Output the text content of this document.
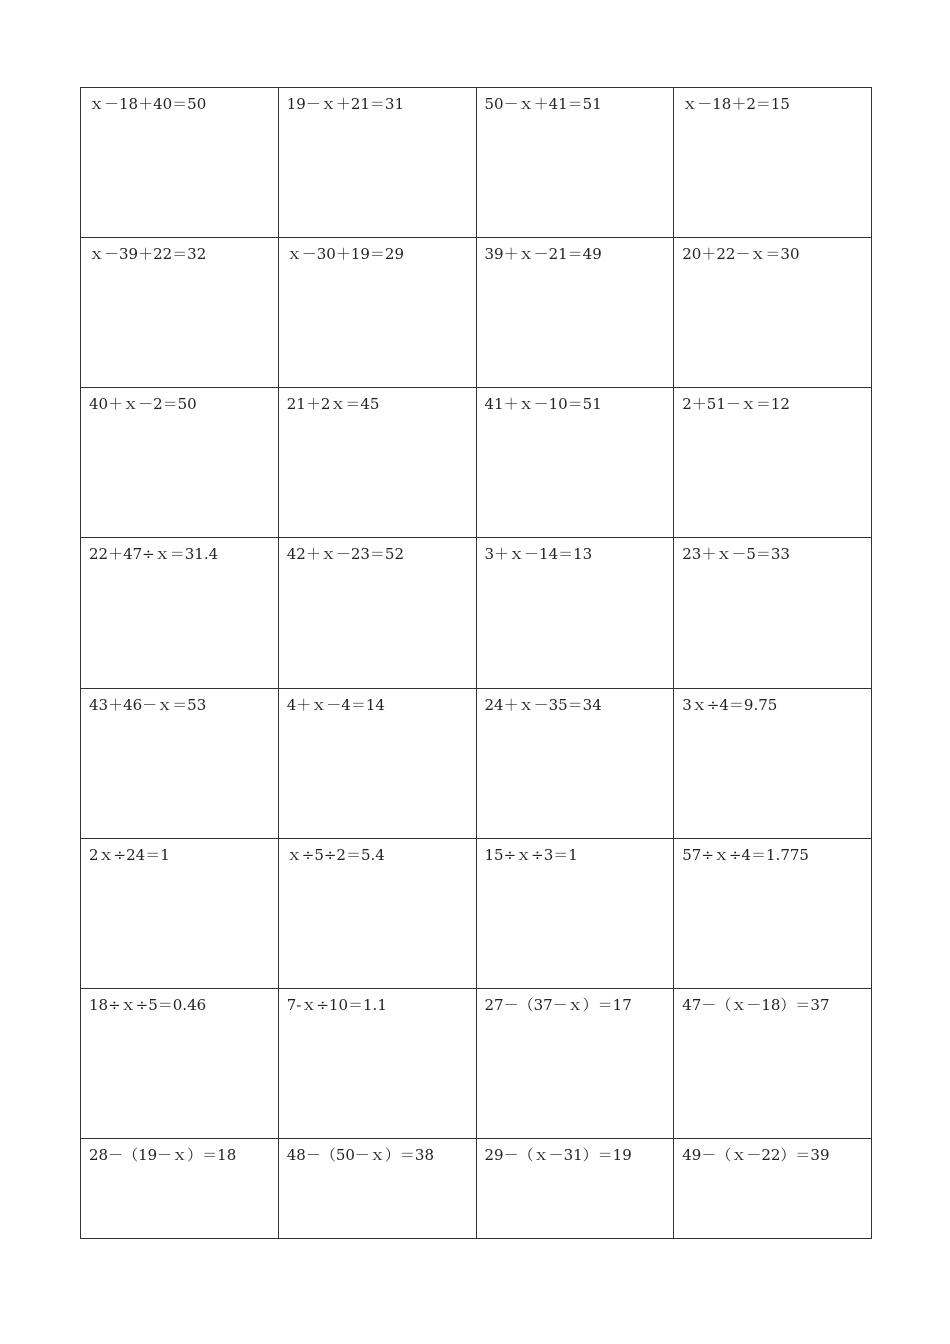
ｘ－18＋40＝50	19－ｘ＋21＝31	50－ｘ＋41＝51	ｘ－18＋2＝15
ｘ－39＋22＝32	ｘ－30＋19＝29	39＋ｘ－21＝49	20＋22－ｘ＝30
40＋ｘ－2＝50	21＋2ｘ＝45	41＋ｘ－10＝51	2＋51－ｘ＝12
22＋47÷ｘ＝31.4	42＋ｘ－23＝52	3＋ｘ－14＝13	23＋ｘ－5＝33
43＋46－ｘ＝53	4＋ｘ－4＝14	24＋ｘ－35＝34	3ｘ÷4＝9.75
2ｘ÷24＝1	ｘ÷5÷2＝5.4	15÷ｘ÷3＝1	57÷ｘ÷4＝1.775
18÷ｘ÷5＝0.46	7-ｘ÷10＝1.1	27－（37－ｘ）＝17	47－（ｘ－18）＝37
28－（19－ｘ）＝18	48－（50－ｘ）＝38	29－（ｘ－31）＝19	49－（ｘ－22）＝39
